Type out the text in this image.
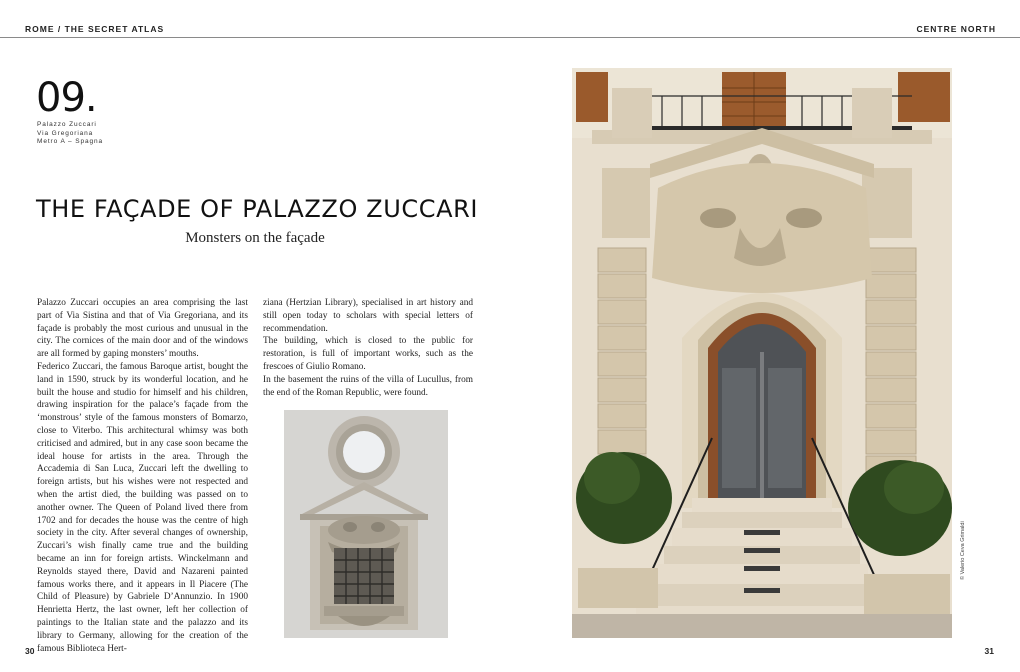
ROME / THE SECRET ATLAS	CENTRE NORTH
09.
Palazzo Zuccari
Via Gregoriana
Metro A – Spagna
THE FAÇADE OF PALAZZO ZUCCARI
Monsters on the façade

Palazzo Zuccari occupies an area comprising the last part of Via Sistina and that of Via Gregoriana, and its façade is probably the most curious and unusual in the city. The cornices of the main door and of the windows are all formed by gaping monsters’ mouths.

Federico Zuccari, the famous Baroque artist, bought the land in 1590, struck by its wonderful location, and he built the house and studio for himself and his children, drawing inspiration for the palace’s façade from the ‘monstrous’ style of the famous monsters of Bomarzo, close to Viterbo. This architectural whimsy was both criticised and admired, but in any case soon became the ideal house for artists in the area. Through the Accademia di San Luca, Zuccari left the dwelling to foreign artists, but his wishes were not respected and when the artist died, the building was passed on to another owner. The Queen of Poland lived there from 1702 and for decades the house was the centre of high society in the city. After several changes of ownership, Zuccari’s wish finally came true and the building became an inn for foreign artists. Winckelmann and Reynolds stayed there, David and Nazareni painted famous works there, and it appears in Il Piacere (The Child of Pleasure) by Gabriele D’Annunzio. In 1900 Henrietta Hertz, the last owner, left her collection of paintings to the Italian state and the palazzo and its library to Germany, allowing for the creation of the famous Biblioteca Hert-

ziana (Hertzian Library), specialised in art history and still open today to scholars with special letters of recommendation.

The building, which is closed to the public for restoration, is full of important works, such as the frescoes of Giulio Romano.

In the basement the ruins of the villa of Lucullus, from the end of the Roman Republic, were found.

© Valerio Ceva Grimaldi
30	31
